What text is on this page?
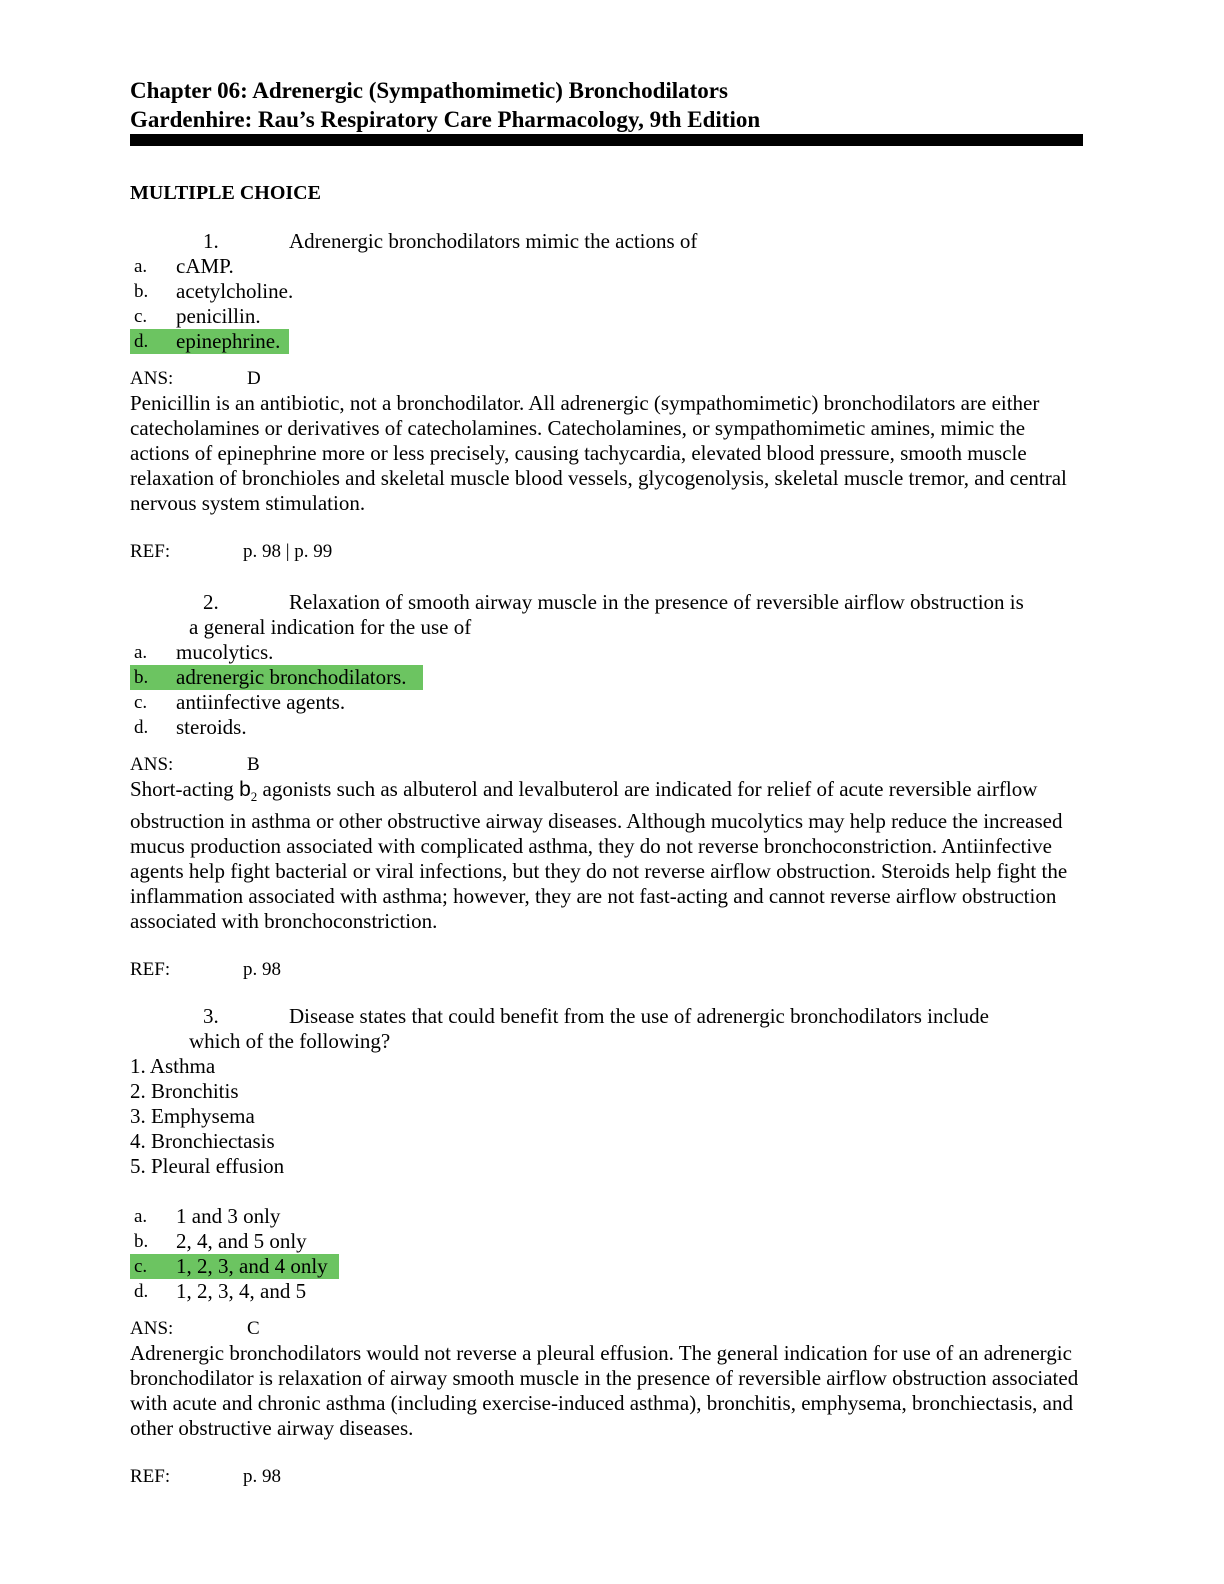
Chapter 06: Adrenergic (Sympathomimetic) Bronchodilators
Gardenhire: Rau’s Respiratory Care Pharmacology, 9th Edition
MULTIPLE CHOICE
1.	Adrenergic bronchodilators mimic the actions of
a. cAMP.
b. acetylcholine.
c. penicillin.
d. epinephrine.
ANS:	D
Penicillin is an antibiotic, not a bronchodilator. All adrenergic (sympathomimetic) bronchodilators are either catecholamines or derivatives of catecholamines. Catecholamines, or sympathomimetic amines, mimic the actions of epinephrine more or less precisely, causing tachycardia, elevated blood pressure, smooth muscle relaxation of bronchioles and skeletal muscle blood vessels, glycogenolysis, skeletal muscle tremor, and central nervous system stimulation.
REF:	p. 98 | p. 99
2.	Relaxation of smooth airway muscle in the presence of reversible airflow obstruction is
a general indication for the use of
a. mucolytics.
b. adrenergic bronchodilators.
c. antiinfective agents.
d. steroids.
ANS:	B
Short-acting $b_2$ agonists such as albuterol and levalbuterol are indicated for relief of acute reversible airflow obstruction in asthma or other obstructive airway diseases. Although mucolytics may help reduce the increased mucus production associated with complicated asthma, they do not reverse bronchoconstriction. Antiinfective agents help fight bacterial or viral infections, but they do not reverse airflow obstruction. Steroids help fight the inflammation associated with asthma; however, they are not fast-acting and cannot reverse airflow obstruction associated with bronchoconstriction.
REF:	p. 98
3.	Disease states that could benefit from the use of adrenergic bronchodilators include
which of the following?
1. Asthma
2. Bronchitis
3. Emphysema
4. Bronchiectasis
5. Pleural effusion
a. 1 and 3 only
b. 2, 4, and 5 only
c. 1, 2, 3, and 4 only
d. 1, 2, 3, 4, and 5
ANS:	C
Adrenergic bronchodilators would not reverse a pleural effusion. The general indication for use of an adrenergic bronchodilator is relaxation of airway smooth muscle in the presence of reversible airflow obstruction associated with acute and chronic asthma (including exercise-induced asthma), bronchitis, emphysema, bronchiectasis, and other obstructive airway diseases.
REF:	p. 98
